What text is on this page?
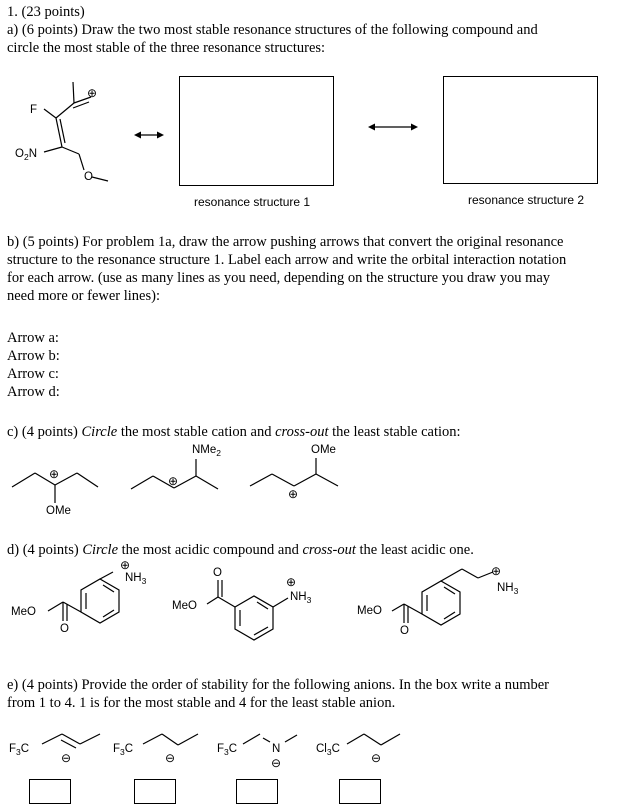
1. (23 points)
a) (6 points) Draw the two most stable resonance structures of the following compound and
circle the most stable of the three resonance structures:
F
$O_2N$
O
⊕
resonance structure 1	resonance structure 2
b) (5 points) For problem 1a, draw the arrow pushing arrows that convert the original resonance
structure to the resonance structure 1. Label each arrow and write the orbital interaction notation
for each arrow. (use as many lines as you need, depending on the structure you draw you may
need more or fewer lines):
Arrow a:
Arrow b:
Arrow c:
Arrow d:
c) (4 points) Circle the most stable cation and cross-out the least stable cation:
⊕
OMe
⊕
NMe$_2$
⊕
OMe
d) (4 points) Circle the most acidic compound and cross-out the least acidic one.
⊕
$NH_3$
MeO
O
⊕
$NH_3$
MeO
O	⊕
$NH_3$
MeO
O
e) (4 points) Provide the order of stability for the following anions. In the box write a number
from 1 to 4. 1 is for the most stable and 4 for the least stable anion.
$F_3C$
⊖
$F_3C$
⊖
$F_3C$	N
⊖
$Cl_3C$
⊖
